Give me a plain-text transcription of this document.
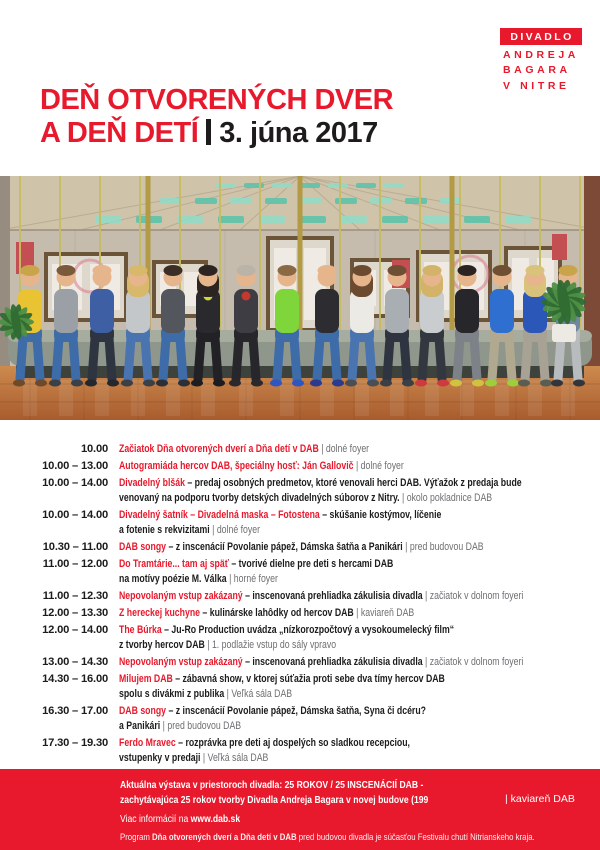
DIVADLO
ANDREJA
BAGARA
V NITRE
DEŇ OTVORENÝCH DVER
A DEŇ DETÍ 3. júna 2017
10.00 Začiatok Dňa otvorených dverí a Dňa detí v DAB | dolné foyer
10.00 – 13.00 Autogramiáda hercov DAB, špeciálny hosť: Ján Gallovič | dolné foyer
10.00 – 14.00 Divadelný blšák – predaj osobných predmetov, ktoré venovali herci DAB. Výťažok z predaja bude
venovaný na podporu tvorby detských divadelných súborov z Nitry. | okolo pokladnice DAB
10.00 – 14.00 Divadelný šatník – Divadelná maska – Fotostena – skúšanie kostýmov, líčenie
a fotenie s rekvizitami | dolné foyer
10.30 – 11.00 DAB songy – z inscenácií Povolanie pápež, Dámska šatňa a Panikári | pred budovou DAB
11.00 – 12.00 Do Tramtárie... tam aj späť – tvorivé dielne pre deti s hercami DAB
na motívy poézie M. Válka | horné foyer
11.00 – 12.30 Nepovolaným vstup zakázaný – inscenovaná prehliadka zákulisia divadla | začiatok v dolnom foyeri
12.00 – 13.30 Z hereckej kuchyne – kulinárske lahôdky od hercov DAB | kaviareň DAB
12.00 – 14.00 The Búrka – Ju-Ro Production uvádza „nízkorozpočtový a vysokoumelecký film“
z tvorby hercov DAB | 1. podlažie vstup do sály vpravo
13.00 – 14.30 Nepovolaným vstup zakázaný – inscenovaná prehliadka zákulisia divadla | začiatok v dolnom foyeri
14.30 – 16.00 Milujem DAB – zábavná show, v ktorej súťažia proti sebe dva tímy hercov DAB
spolu s divákmi z publika | Veľká sála DAB
16.30 – 17.00 DAB songy – z inscenácií Povolanie pápež, Dámska šatňa, Syna či dcéru?
a Panikári | pred budovou DAB
17.30 – 19.30 Ferdo Mravec – rozprávka pre deti aj dospelých so sladkou recepciou,
vstupenky v predaji | Veľká sála DAB
Aktuálna výstava v priestoroch divadla: 25 ROKOV / 25 INSCENÁCIÍ DAB -
zachytávajúca 25 rokov tvorby Divadla Andreja Bagara v novej budove (199
Viac informácií na www.dab.sk
Program Dňa otvorených dverí a Dňa detí v DAB pred budovou divadla je súčasťou Festivalu chutí Nitrianskeho kraja.
| kaviareň DAB
